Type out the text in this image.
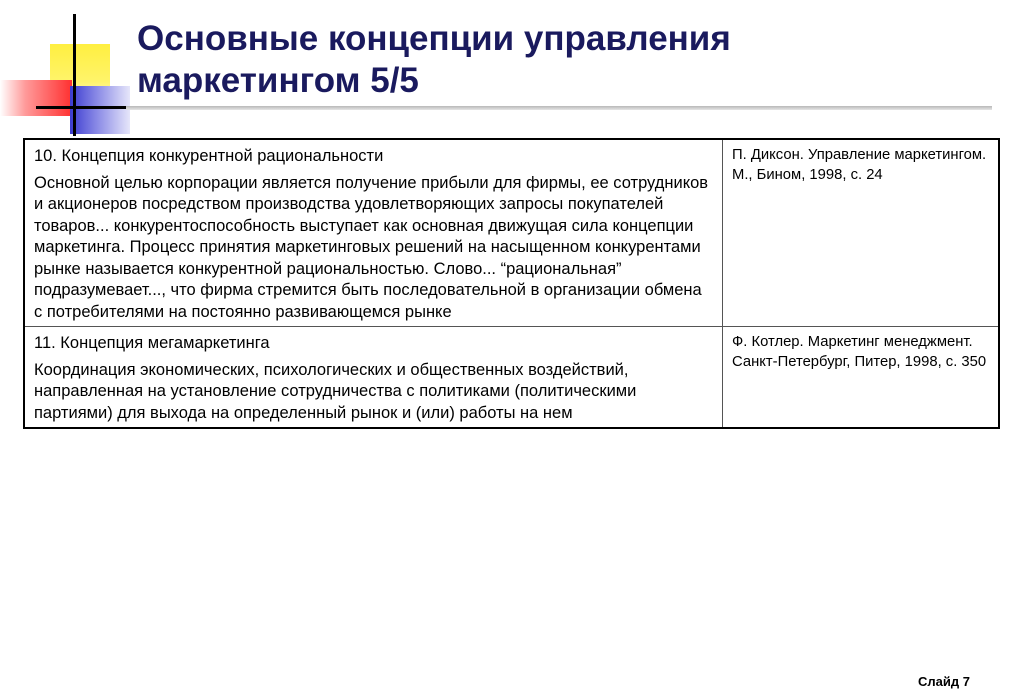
Основные концепции управления
маркетингом 5/5
10. Концепция конкурентной рациональности
Основной целью корпорации является получение прибыли для фирмы, ее сотрудников и акционеров посредством производства удовлетворяющих запросы покупателей товаров... конкурентоспособность выступает как основная движущая сила концепции маркетинга. Процесс принятия маркетинговых решений на насыщенном конкурентами рынке называется конкурентной рациональностью. Слово... “рациональная” подразумевает..., что фирма стремится быть последовательной в организации обмена с потребителями на постоянно развивающемся рынке	П. Диксон. Управление маркетингом. М., Бином, 1998, с. 24

11. Концепция мегамаркетинга
Координация экономических, психологических и общественных воздействий, направленная на установление сотрудничества с политиками (политическими партиями) для выхода на определенный рынок и (или) работы на нем	Ф. Котлер. Маркетинг менеджмент. Санкт-Петербург, Питер, 1998, с. 350
Слайд 7
